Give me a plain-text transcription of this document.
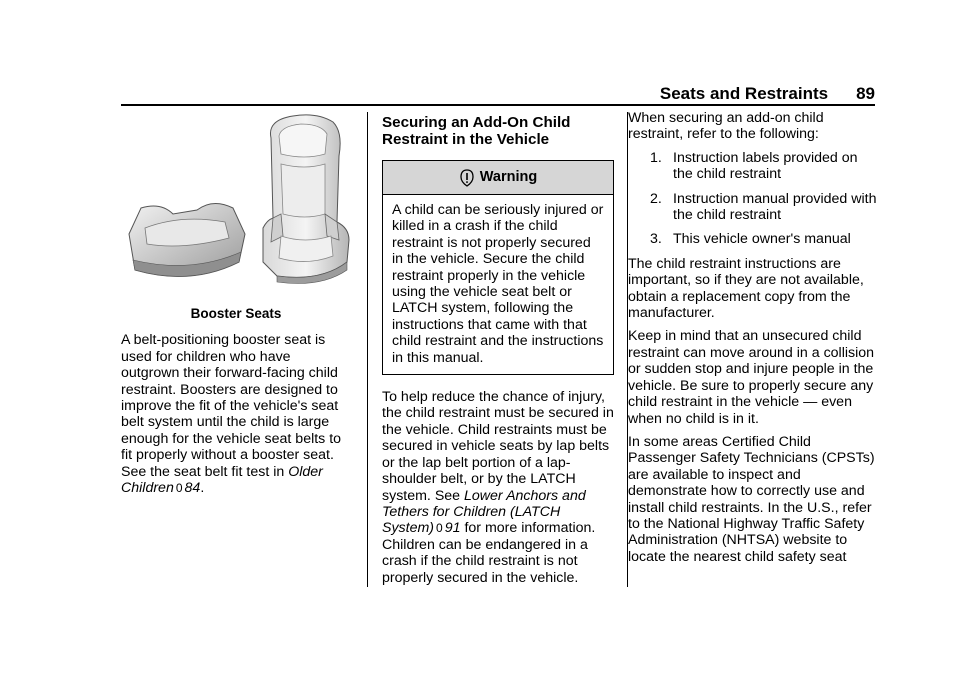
Seats and Restraints 89
Booster Seats

A belt-positioning booster seat is used for children who have outgrown their forward-facing child restraint. Boosters are designed to improve the fit of the vehicle's seat belt system until the child is large enough for the vehicle seat belts to fit properly without a booster seat. See the seat belt fit test in Older Children 0 84.

Securing an Add-On Child Restraint in the Vehicle
Warning
A child can be seriously injured or killed in a crash if the child restraint is not properly secured in the vehicle. Secure the child restraint properly in the vehicle using the vehicle seat belt or LATCH system, following the instructions that came with that child restraint and the instructions in this manual.

To help reduce the chance of injury, the child restraint must be secured in the vehicle. Child restraints must be secured in vehicle seats by lap belts or the lap belt portion of a lap-shoulder belt, or by the LATCH system. See Lower Anchors and Tethers for Children (LATCH System) 0 91 for more information. Children can be endangered in a crash if the child restraint is not properly secured in the vehicle.

When securing an add-on child restraint, refer to the following:

1. Instruction labels provided on the child restraint
2. Instruction manual provided with the child restraint
3. This vehicle owner's manual

The child restraint instructions are important, so if they are not available, obtain a replacement copy from the manufacturer.

Keep in mind that an unsecured child restraint can move around in a collision or sudden stop and injure people in the vehicle. Be sure to properly secure any child restraint in the vehicle — even when no child is in it.

In some areas Certified Child Passenger Safety Technicians (CPSTs) are available to inspect and demonstrate how to correctly use and install child restraints. In the U.S., refer to the National Highway Traffic Safety Administration (NHTSA) website to locate the nearest child safety seat
